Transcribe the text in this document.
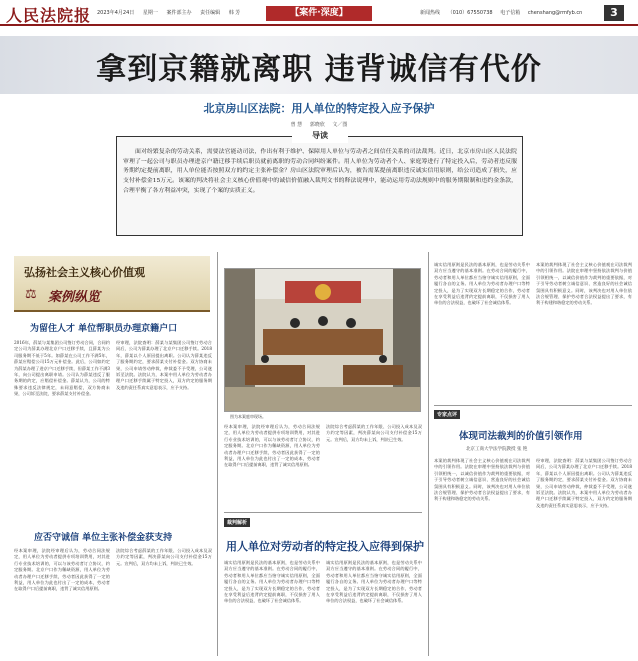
人民法院报 2023年4月24日 星期一 案件部主办 责任编辑 韩 芳	【案件·深度】	新闻热线 （010）67550738 电子信箱 chenshang@rmfyb.cn	3
拿到京籍就离职 违背诚信有代价
北京房山区法院：用人单位的特定投入应予保护
曾 慧 郭晓欣 文／图
导读
面对纷繁复杂的劳动关系，需要法官能动司法，作出有利于维护、保障用人单位与劳动者之间信任关系的司法裁判。近日，北京市房山区人民法院审理了一起公司与职员办理进京户籍迁移手续后职员就前离职的劳动合同纠纷案件。用人单位为劳动者个人、家庭筹进行了特定投入后，劳动者违反服务期约定提前离职，用人单位能否按照双方的约定主张补偿金？房山区法院审理后认为，被告需某提前离职违反诚实信用原则，给公司造成了损失，应支付补偿金15万元。该案的判决将社会主义核心价值观中的诚信价值融入裁判文书的释法说理中，能动运用劳动法规则中的服务期限制和违约金条款，合理平衡了各方利益冲突，实现了个案的实质正义。
弘扬社会主义核心价值观
⚖ 案例纵览
为留住人才 单位帮职员办理京籍户口
2016年，薛某与某集团公司签订劳动合同，合同约定公司为薛某办理北京户口迁移手续，且薛某为公司服务期不低于5年。如薛某在公司工作不满5年，薛某应赔偿公司15万元补偿金。此后，公司如约定为薛某办理了进京户口迁移手续，但薛某工作不满3年，向公司提出离职申请。公司认为薛某违反了服务期的约定，应赔偿补偿金。薛某认为，公司的特殊要求违反法律规定，未同意赔偿，双方协商未果，公司诉至法院，要求薛某支付补偿金。
经审理，法院查明：薛某与某集团公司签订劳动合同后，公司为薛某办理了北京户口迁移手续。2018年，薛某以个人原因提出离职。公司认为薛某违反了服务期约定，要求薛某支付补偿金。双方协商未果，公司申请劳动仲裁，仲裁委不予受理，公司遂诉至法院。法院认为，本案中用人单位为劳动者办理户口迁移手续属于特定投入，双方约定的服务期及违约责任系真实意思表示，应予支持。
应否守诚信 单位主张补偿金获支持
经本案审理，法院经审理后认为，劳动合同法规定，用人单位为劳动者提供专项培训费用，对其进行专业技术培训的，可以与该劳动者订立协议，约定服务期。北京户口作为稀缺资源，用人单位为劳动者办理户口迁移手续，劳动者因此获得了一定的利益，用人单位为此也付出了一定的成本，劳动者在取得户口后提前离职，违背了诚实信用原则。
法院综合考虑薛某的工作年限、公司投入成本及双方约定等因素，判决薛某向公司支付补偿金15万元。宣判后，双方均未上诉，判决已生效。
图为本案庭审现场。
经本案审理，法院经审理后认为，劳动合同法规定，用人单位为劳动者提供专项培训费用，对其进行专业技术培训的，可以与该劳动者订立协议，约定服务期。北京户口作为稀缺资源，用人单位为劳动者办理户口迁移手续，劳动者因此获得了一定的利益，用人单位为此也付出了一定的成本，劳动者在取得户口后提前离职，违背了诚实信用原则。
法院综合考虑薛某的工作年限、公司投入成本及双方约定等因素，判决薛某向公司支付补偿金15万元。宣判后，双方均未上诉，判决已生效。
裁判解析
用人单位对劳动者的特定投入应得到保护
诚实信用原则是民法的基本原则，也是劳动关系中双方应当遵守的基本准则。在劳动合同的履行中，劳动者和用人单位都应当恪守诚实信用原则，全面履行各自的义务。用人单位为劳动者办理户口等特定投入，是为了实现双方长期稳定的合作，劳动者在享受利益后违背约定提前离职，不仅损害了用人单位的合法权益，也破坏了社会诚信体系。
诚实信用原则是民法的基本原则，也是劳动关系中双方应当遵守的基本准则。在劳动合同的履行中，劳动者和用人单位都应当恪守诚实信用原则，全面履行各自的义务。用人单位为劳动者办理户口等特定投入，是为了实现双方长期稳定的合作，劳动者在享受利益后违背约定提前离职，不仅损害了用人单位的合法权益，也破坏了社会诚信体系。
诚实信用原则是民法的基本原则，也是劳动关系中双方应当遵守的基本准则。在劳动合同的履行中，劳动者和用人单位都应当恪守诚实信用原则，全面履行各自的义务。用人单位为劳动者办理户口等特定投入，是为了实现双方长期稳定的合作，劳动者在享受利益后违背约定提前离职，不仅损害了用人单位的合法权益，也破坏了社会诚信体系。
本案的裁判体现了社会主义核心价值观在司法裁判中的引领作用。法院在审理中坚持依法裁判与价值引领相统一，以诚信价值作为裁判的重要依据，对于引导劳动者树立诚信意识、营造良好的社会诚信氛围具有积极意义。同时，该判决也对用人单位依法合规管理、保护劳动者合法权益提出了要求，有利于构建和谐稳定的劳动关系。
专家点评
体现司法裁判的价值引领作用
北京工商大学法学院教授 张 艳
本案的裁判体现了社会主义核心价值观在司法裁判中的引领作用。法院在审理中坚持依法裁判与价值引领相统一，以诚信价值作为裁判的重要依据，对于引导劳动者树立诚信意识、营造良好的社会诚信氛围具有积极意义。同时，该判决也对用人单位依法合规管理、保护劳动者合法权益提出了要求，有利于构建和谐稳定的劳动关系。
经审理，法院查明：薛某与某集团公司签订劳动合同后，公司为薛某办理了北京户口迁移手续。2018年，薛某以个人原因提出离职。公司认为薛某违反了服务期约定，要求薛某支付补偿金。双方协商未果，公司申请劳动仲裁，仲裁委不予受理，公司遂诉至法院。法院认为，本案中用人单位为劳动者办理户口迁移手续属于特定投入，双方约定的服务期及违约责任系真实意思表示，应予支持。
